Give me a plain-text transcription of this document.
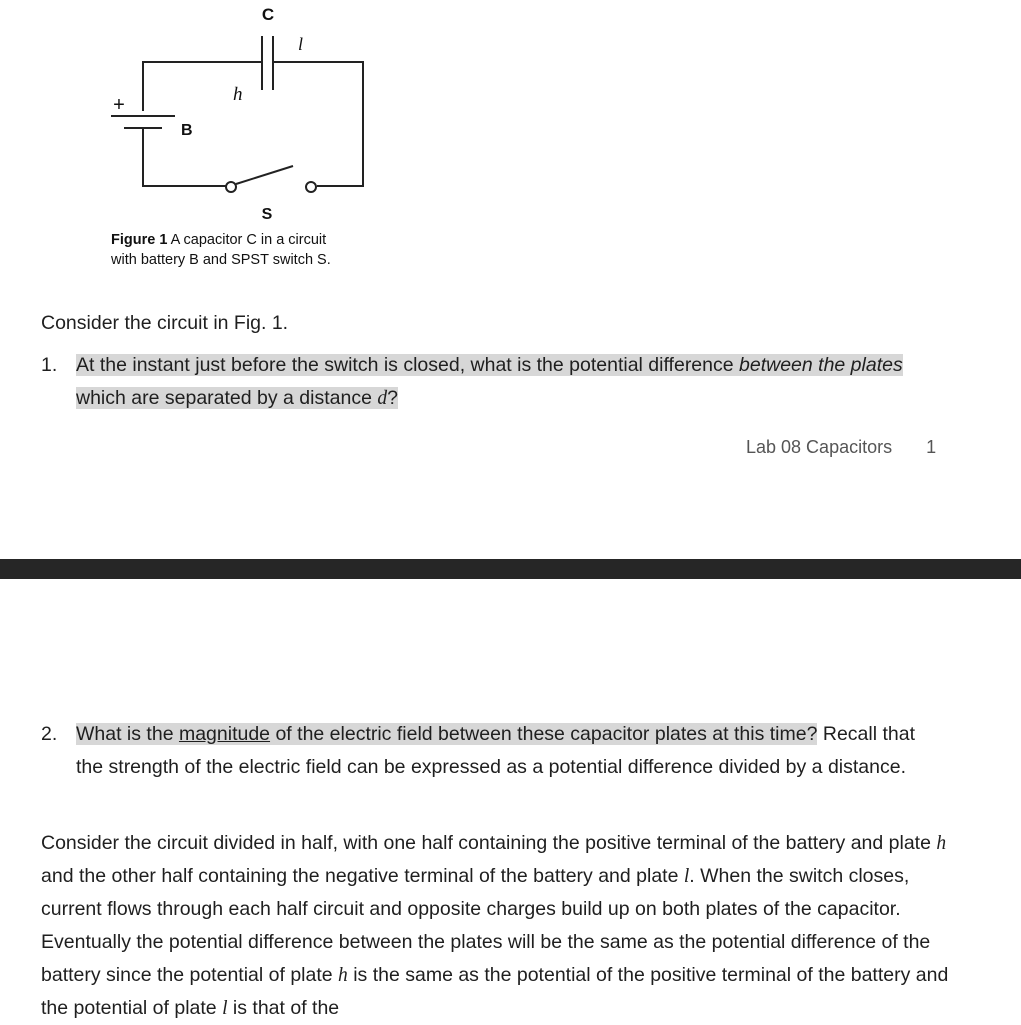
C
l
h
+
B
S
Figure 1 A capacitor C in a circuit
with battery B and SPST switch S.
Consider the circuit in Fig. 1.
1. At the instant just before the switch is closed, what is the potential difference between the plates which are separated by a distance d?
Lab 08 Capacitors 1
2. What is the magnitude of the electric field between these capacitor plates at this time? Recall that the strength of the electric field can be expressed as a potential difference divided by a distance.
Consider the circuit divided in half, with one half containing the positive terminal of the battery and plate h and the other half containing the negative terminal of the battery and plate l. When the switch closes, current flows through each half circuit and opposite charges build up on both plates of the capacitor. Eventually the potential difference between the plates will be the same as the potential difference of the battery since the potential of plate h is the same as the potential of the positive terminal of the battery and the potential of plate l is that of the
